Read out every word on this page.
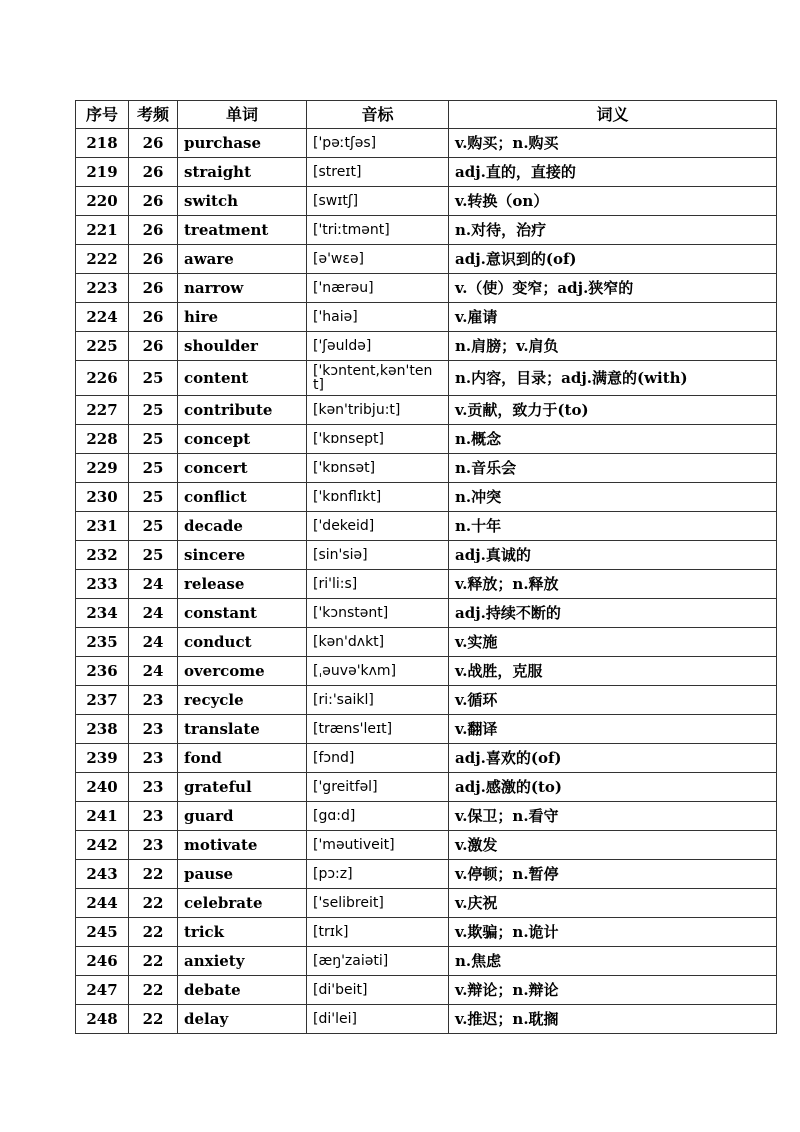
序号	考频	单词	音标	词义
218	26	purchase	['pəːtʃəs]	v.购买；n.购买
219	26	straight	[streɪt]	adj.直的，直接的
220	26	switch	[swɪtʃ]	v.转换（on）
221	26	treatment	['triːtmənt]	n.对待，治疗
222	26	aware	[ə'wɛə]	adj.意识到的(of)
223	26	narrow	['nærəu]	v.（使）变窄；adj.狭窄的
224	26	hire	['haiə]	v.雇请
225	26	shoulder	['ʃəuldə]	n.肩膀；v.肩负
226	25	content	['kɔntent,kən'tent]	n.内容，目录；adj.满意的(with)
227	25	contribute	[kən'tribju:t]	v.贡献，致力于(to)
228	25	concept	['kɒnsept]	n.概念
229	25	concert	['kɒnsət]	n.音乐会
230	25	conflict	['kɒnflɪkt]	n.冲突
231	25	decade	['dekeid]	n.十年
232	25	sincere	[sin'siə]	adj.真诚的
233	24	release	[ri'li:s]	v.释放；n.释放
234	24	constant	['kɔnstənt]	adj.持续不断的
235	24	conduct	[kən'dʌkt]	v.实施
236	24	overcome	[ˌəuvə'kʌm]	v.战胜，克服
237	23	recycle	[ri:'saikl]	v.循环
238	23	translate	[træns'leɪt]	v.翻译
239	23	fond	[fɔnd]	adj.喜欢的(of)
240	23	grateful	['greitfəl]	adj.感激的(to)
241	23	guard	[gɑ:d]	v.保卫；n.看守
242	23	motivate	['məutiveit]	v.激发
243	22	pause	[pɔ:z]	v.停顿；n.暂停
244	22	celebrate	['selibreit]	v.庆祝
245	22	trick	[trɪk]	v.欺骗；n.诡计
246	22	anxiety	[æŋ'zaiəti]	n.焦虑
247	22	debate	[di'beit]	v.辩论；n.辩论
248	22	delay	[di'lei]	v.推迟；n.耽搁
